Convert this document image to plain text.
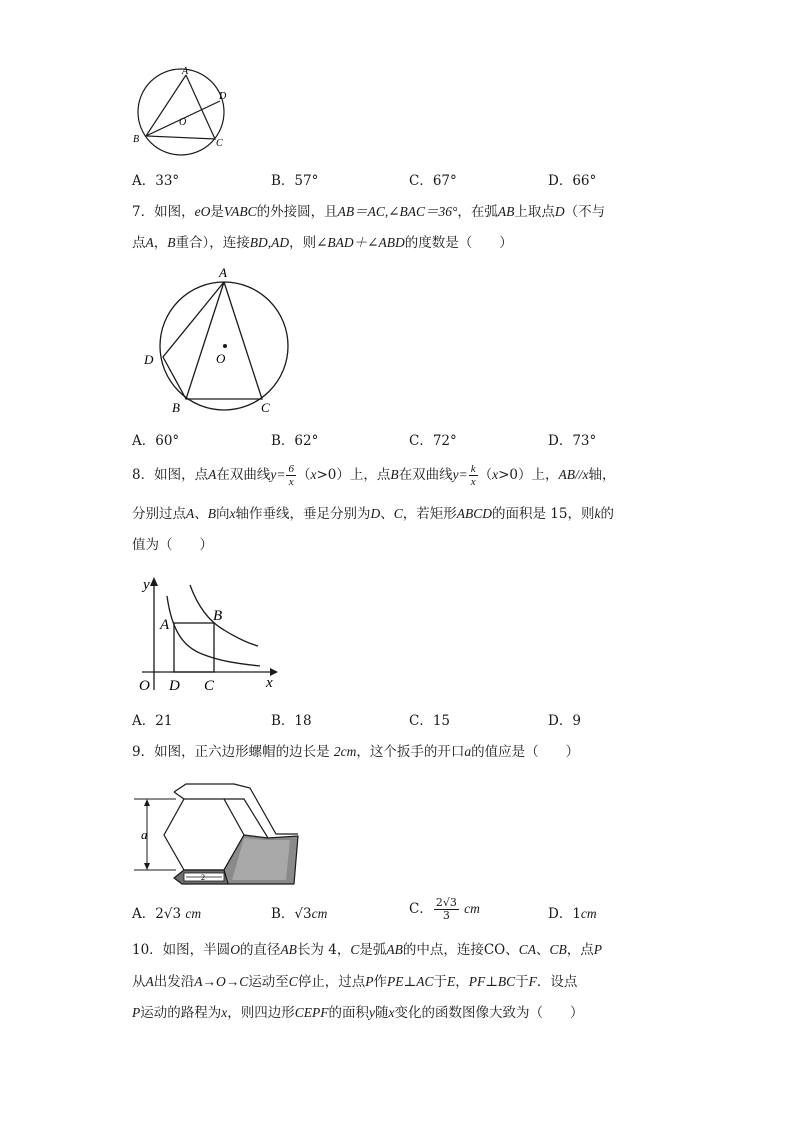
A
D
O
B	C
A．33°	B．57°	C．67°	D．66°
7．如图，eO是VABC的外接圆，且AB＝AC,∠BAC＝36°，在弧AB上取点D（不与
点A，B重合），连接BD,AD，则∠BAD＋∠ABD的度数是（　　）
A
O
D
B	C
A．60°	B．62°	C．72°	D．73°
8．如图，点A在双曲线$y= \frac{6}{x} (x>0)$上，点B在双曲线$y= \frac{k}{x} (x>0)$上，AB//x轴，
分别过点A、B向x轴作垂线，垂足分别为D、C，若矩形ABCD的面积是 15，则k的
值为（　　）
y
x
O
A
B
D C
A．21	B．18	C．15	D．9
9．如图，正六边形螺帽的边长是 2cm，这个扳手的开口a的值应是（　　）
a
2
A．2√3 cm	B．√3cm	C． $\frac{2√3}{3}$ cm	D．1cm
10．如图，半圆O的直径AB长为 4，C是弧AB的中点，连接CO、CA、CB，点P
从A出发沿A→O→C运动至C停止，过点P作PE⊥AC于E，PF⊥BC于F．设点
P运动的路程为x，则四边形CEPF的面积y随x变化的函数图像大致为（　　）
